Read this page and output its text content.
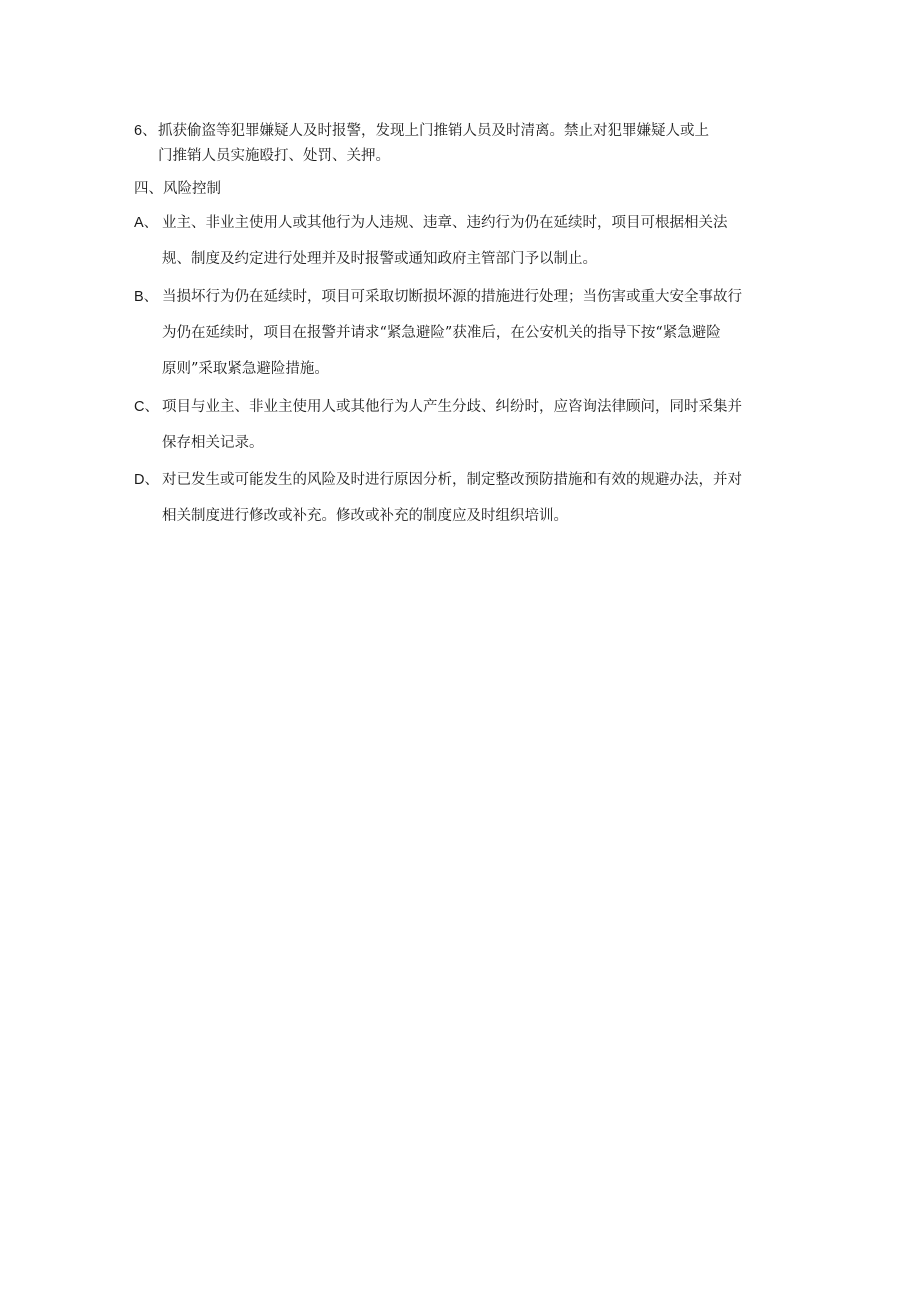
6、 抓获偷盗等犯罪嫌疑人及时报警，发现上门推销人员及时清离。禁止对犯罪嫌疑人或上
门推销人员实施殴打、处罚、关押。
四、风险控制
A、 业主、非业主使用人或其他行为人违规、违章、违约行为仍在延续时，项目可根据相关法
规、制度及约定进行处理并及时报警或通知政府主管部门予以制止。
B、 当损坏行为仍在延续时，项目可采取切断损坏源的措施进行处理；当伤害或重大安全事故行
为仍在延续时，项目在报警并请求“紧急避险”获准后，在公安机关的指导下按“紧急避险
原则”采取紧急避险措施。
C、 项目与业主、非业主使用人或其他行为人产生分歧、纠纷时，应咨询法律顾问，同时采集并
保存相关记录。
D、 对已发生或可能发生的风险及时进行原因分析，制定整改预防措施和有效的规避办法，并对
相关制度进行修改或补充。修改或补充的制度应及时组织培训。
